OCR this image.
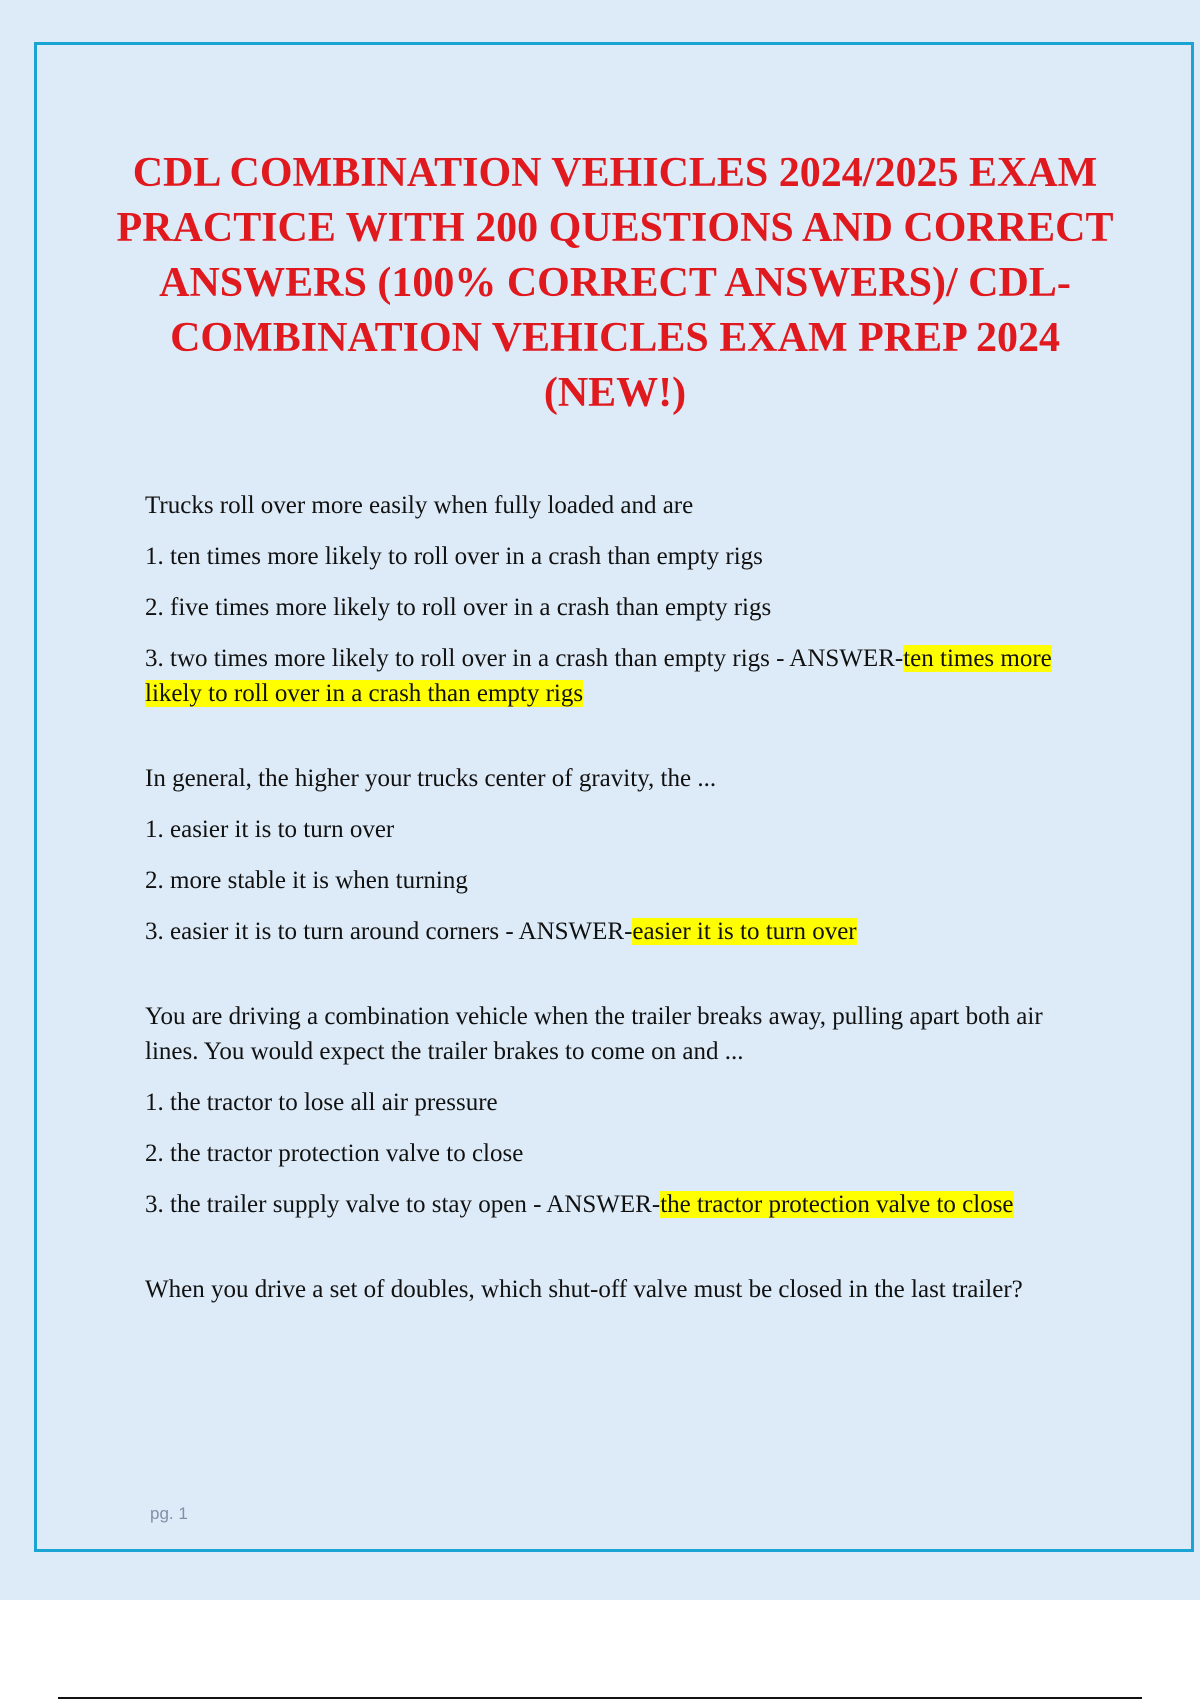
CDL COMBINATION VEHICLES 2024/2025 EXAM PRACTICE WITH 200 QUESTIONS AND CORRECT ANSWERS (100% CORRECT ANSWERS)/ CDL-COMBINATION VEHICLES EXAM PREP 2024 (NEW!)

Trucks roll over more easily when fully loaded and are

1. ten times more likely to roll over in a crash than empty rigs

2. five times more likely to roll over in a crash than empty rigs

3. two times more likely to roll over in a crash than empty rigs - ANSWER-ten times more likely to roll over in a crash than empty rigs

In general, the higher your trucks center of gravity, the ...

1. easier it is to turn over

2. more stable it is when turning

3. easier it is to turn around corners - ANSWER-easier it is to turn over

You are driving a combination vehicle when the trailer breaks away, pulling apart both air lines. You would expect the trailer brakes to come on and ...

1. the tractor to lose all air pressure

2. the tractor protection valve to close

3. the trailer supply valve to stay open - ANSWER-the tractor protection valve to close

When you drive a set of doubles, which shut-off valve must be closed in the last trailer?

pg. 1
